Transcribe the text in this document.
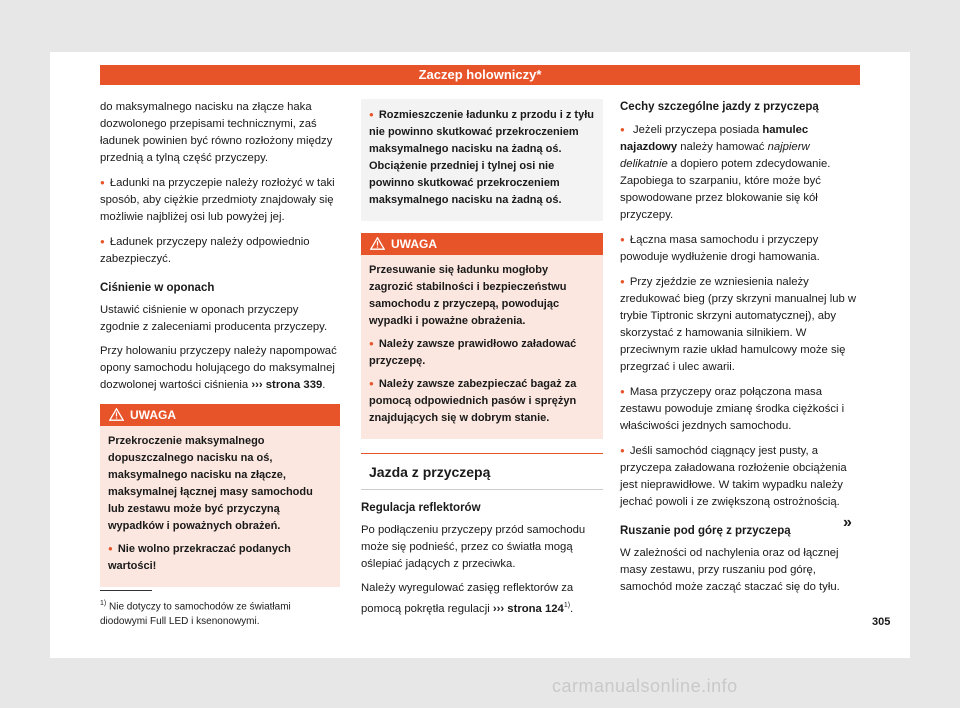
Zaczep holowniczy*

do maksymalnego nacisku na złącze haka dozwolonego przepisami technicznymi, zaś ładunek powinien być równo rozłożony między przednią a tylną część przyczepy.

● Ładunki na przyczepie należy rozłożyć w taki sposób, aby ciężkie przedmioty znajdowały się możliwie najbliżej osi lub powyżej jej.

● Ładunek przyczepy należy odpowiednio zabezpieczyć.

Ciśnienie w oponach

Ustawić ciśnienie w oponach przyczepy zgodnie z zaleceniami producenta przyczepy.

Przy holowaniu przyczepy należy napompować opony samochodu holującego do maksymalnej dozwolonej wartości ciśnienia ››› strona 339.

UWAGA

Przekroczenie maksymalnego dopuszczalnego nacisku na oś, maksymalnego nacisku na złącze, maksymalnej łącznej masy samochodu lub zestawu może być przyczyną wypadków i poważnych obrażeń.

● Nie wolno przekraczać podanych wartości!

● Rozmieszczenie ładunku z przodu i z tyłu nie powinno skutkować przekroczeniem maksymalnego nacisku na żadną oś. Obciążenie przedniej i tylnej osi nie powinno skutkować przekroczeniem maksymalnego nacisku na żadną oś.

UWAGA

Przesuwanie się ładunku mogłoby zagrozić stabilności i bezpieczeństwu samochodu z przyczepą, powodując wypadki i poważne obrażenia.

● Należy zawsze prawidłowo załadować przyczepę.

● Należy zawsze zabezpieczać bagaż za pomocą odpowiednich pasów i sprężyn znajdujących się w dobrym stanie.

Jazda z przyczepą
Regulacja reflektorów

Po podłączeniu przyczepy przód samochodu może się podnieść, przez co światła mogą oślepiać jadących z przeciwka.

Należy wyregulować zasięg reflektorów za pomocą pokrętła regulacji ››› strona 124$^{1)}$.

Cechy szczególne jazdy z przyczepą

● Jeżeli przyczepa posiada hamulec najazdowy należy hamować najpierw delikatnie a dopiero potem zdecydowanie. Zapobiega to szarpaniu, które może być spowodowane przez blokowanie się kół przyczepy.

● Łączna masa samochodu i przyczepy powoduje wydłużenie drogi hamowania.

● Przy zjeździe ze wzniesienia należy zredukować bieg (przy skrzyni manualnej lub w trybie Tiptronic skrzyni automatycznej), aby skorzystać z hamowania silnikiem. W przeciwnym razie układ hamulcowy może się przegrzać i ulec awarii.

● Masa przyczepy oraz połączona masa zestawu powoduje zmianę środka ciężkości i właściwości jezdnych samochodu.

● Jeśli samochód ciągnący jest pusty, a przyczepa załadowana rozłożenie obciążenia jest nieprawidłowe. W takim wypadku należy jechać powoli i ze zwiększoną ostrożnością.

Ruszanie pod górę z przyczepą

W zależności od nachylenia oraz od łącznej masy zestawu, przy ruszaniu pod górę, samochód może zacząć staczać się do tyłu.

»
$^{1)}$ Nie dotyczy to samochodów ze światłami diodowymi Full LED i ksenonowymi.	305
carmanualsonline.info
